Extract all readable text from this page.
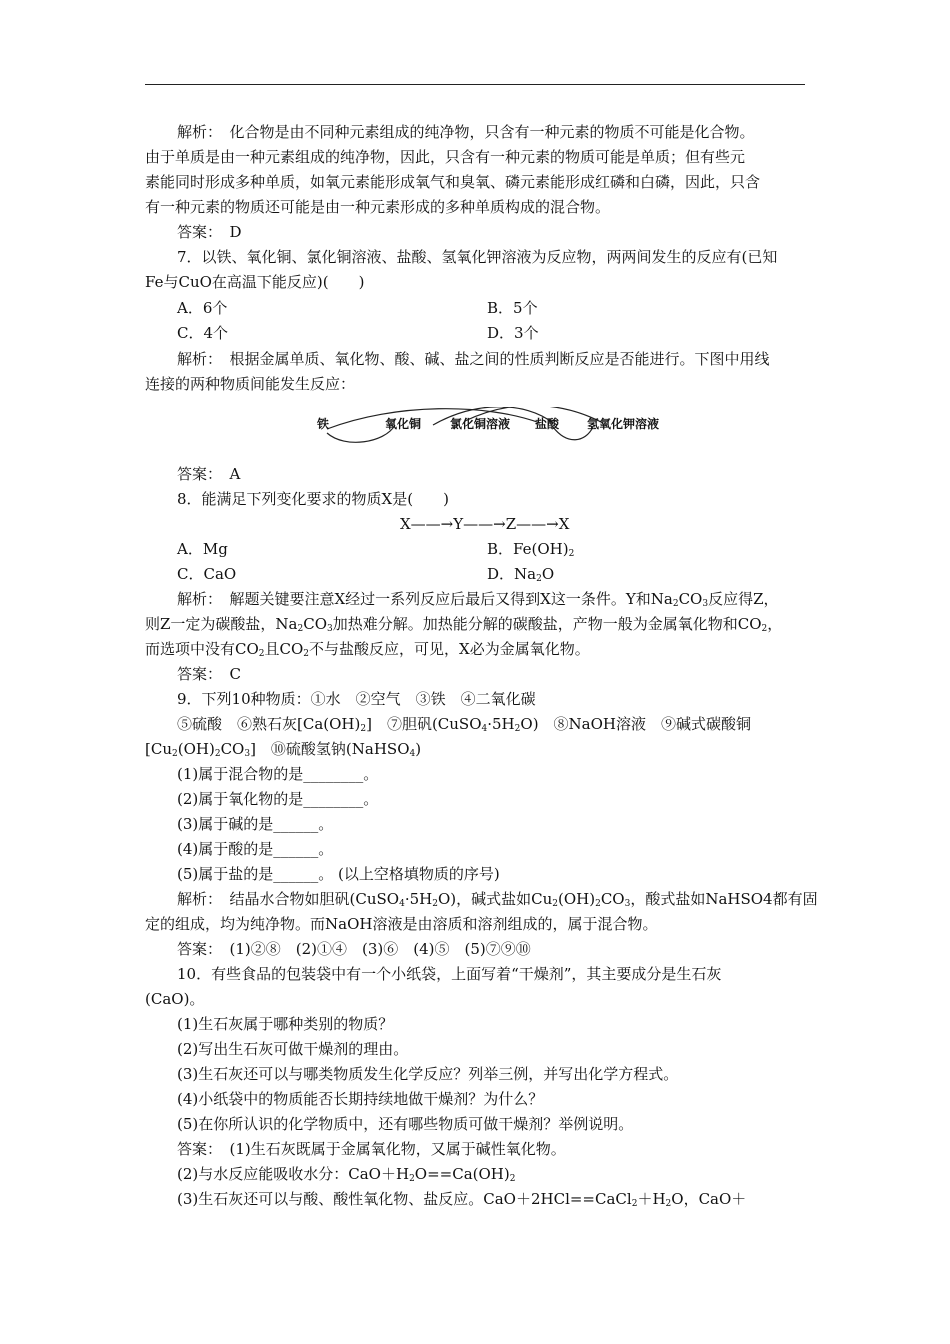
解析：　化合物是由不同种元素组成的纯净物，只含有一种元素的物质不可能是化合物。
由于单质是由一种元素组成的纯净物，因此，只含有一种元素的物质可能是单质；但有些元
素能同时形成多种单质，如氧元素能形成氧气和臭氧、磷元素能形成红磷和白磷，因此，只含
有一种元素的物质还可能是由一种元素形成的多种单质构成的混合物。
答案：　D
7．以铁、氧化铜、氯化铜溶液、盐酸、氢氧化钾溶液为反应物，两两间发生的反应有(已知
Fe与CuO在高温下能反应)(　　)
A．6个	B．5个
C．4个	D．3个
解析：　根据金属单质、氧化物、酸、碱、盐之间的性质判断反应是否能进行。下图中用线
连接的两种物质间能发生反应：
铁	氧化铜 氯化铜溶液 盐酸 氢氧化钾溶液
答案：　A
8．能满足下列变化要求的物质X是(　　)
X——→Y——→Z——→X
A．Mg	B．$Fe(OH)_2$
C．CaO	D．$Na_2O$
解析：　解题关键要注意X经过一系列反应后最后又得到X这一条件。Y和$Na_2CO_3$反应得Z，
则Z一定为碳酸盐，$Na_2CO_3$加热难分解。加热能分解的碳酸盐，产物一般为金属氧化物和$CO_2$，
而选项中没有$CO_2$且$CO_2$不与盐酸反应，可见，X必为金属氧化物。
答案：　C
9．下列10种物质：①水　②空气　③铁　④二氧化碳
⑤硫酸　⑥熟石灰$[Ca(OH)_2]$　⑦胆矾$(CuSO_4\cdot 5H_2O)$　⑧NaOH溶液　⑨碱式碳酸铜
$[Cu_2(OH)_2CO_3]$　⑩硫酸氢钠(NaHSO$_4$)
(1)属于混合物的是________。
(2)属于氧化物的是________。
(3)属于碱的是______。
(4)属于酸的是______。
(5)属于盐的是______。 (以上空格填物质的序号)
解析：　结晶水合物如胆矾$(CuSO_4\cdot 5H_2O)$，碱式盐如$Cu_2(OH)_2CO_3$，酸式盐如NaHSO4都有固
定的组成，均为纯净物。而NaOH溶液是由溶质和溶剂组成的，属于混合物。
答案：　(1)②⑧　(2)①④　(3)⑥　(4)⑤　(5)⑦⑨⑩
10．有些食品的包装袋中有一个小纸袋，上面写着“干燥剂”，其主要成分是生石灰
(CaO)。
(1)生石灰属于哪种类别的物质？
(2)写出生石灰可做干燥剂的理由。
(3)生石灰还可以与哪类物质发生化学反应？列举三例，并写出化学方程式。
(4)小纸袋中的物质能否长期持续地做干燥剂？为什么？
(5)在你所认识的化学物质中，还有哪些物质可做干燥剂？举例说明。
答案：　(1)生石灰既属于金属氧化物，又属于碱性氧化物。
(2)与水反应能吸收水分：$CaO+H_2O==Ca(OH)_2$
(3)生石灰还可以与酸、酸性氧化物、盐反应。$CaO+2HCl==CaCl_2+H_2O$，CaO＋
